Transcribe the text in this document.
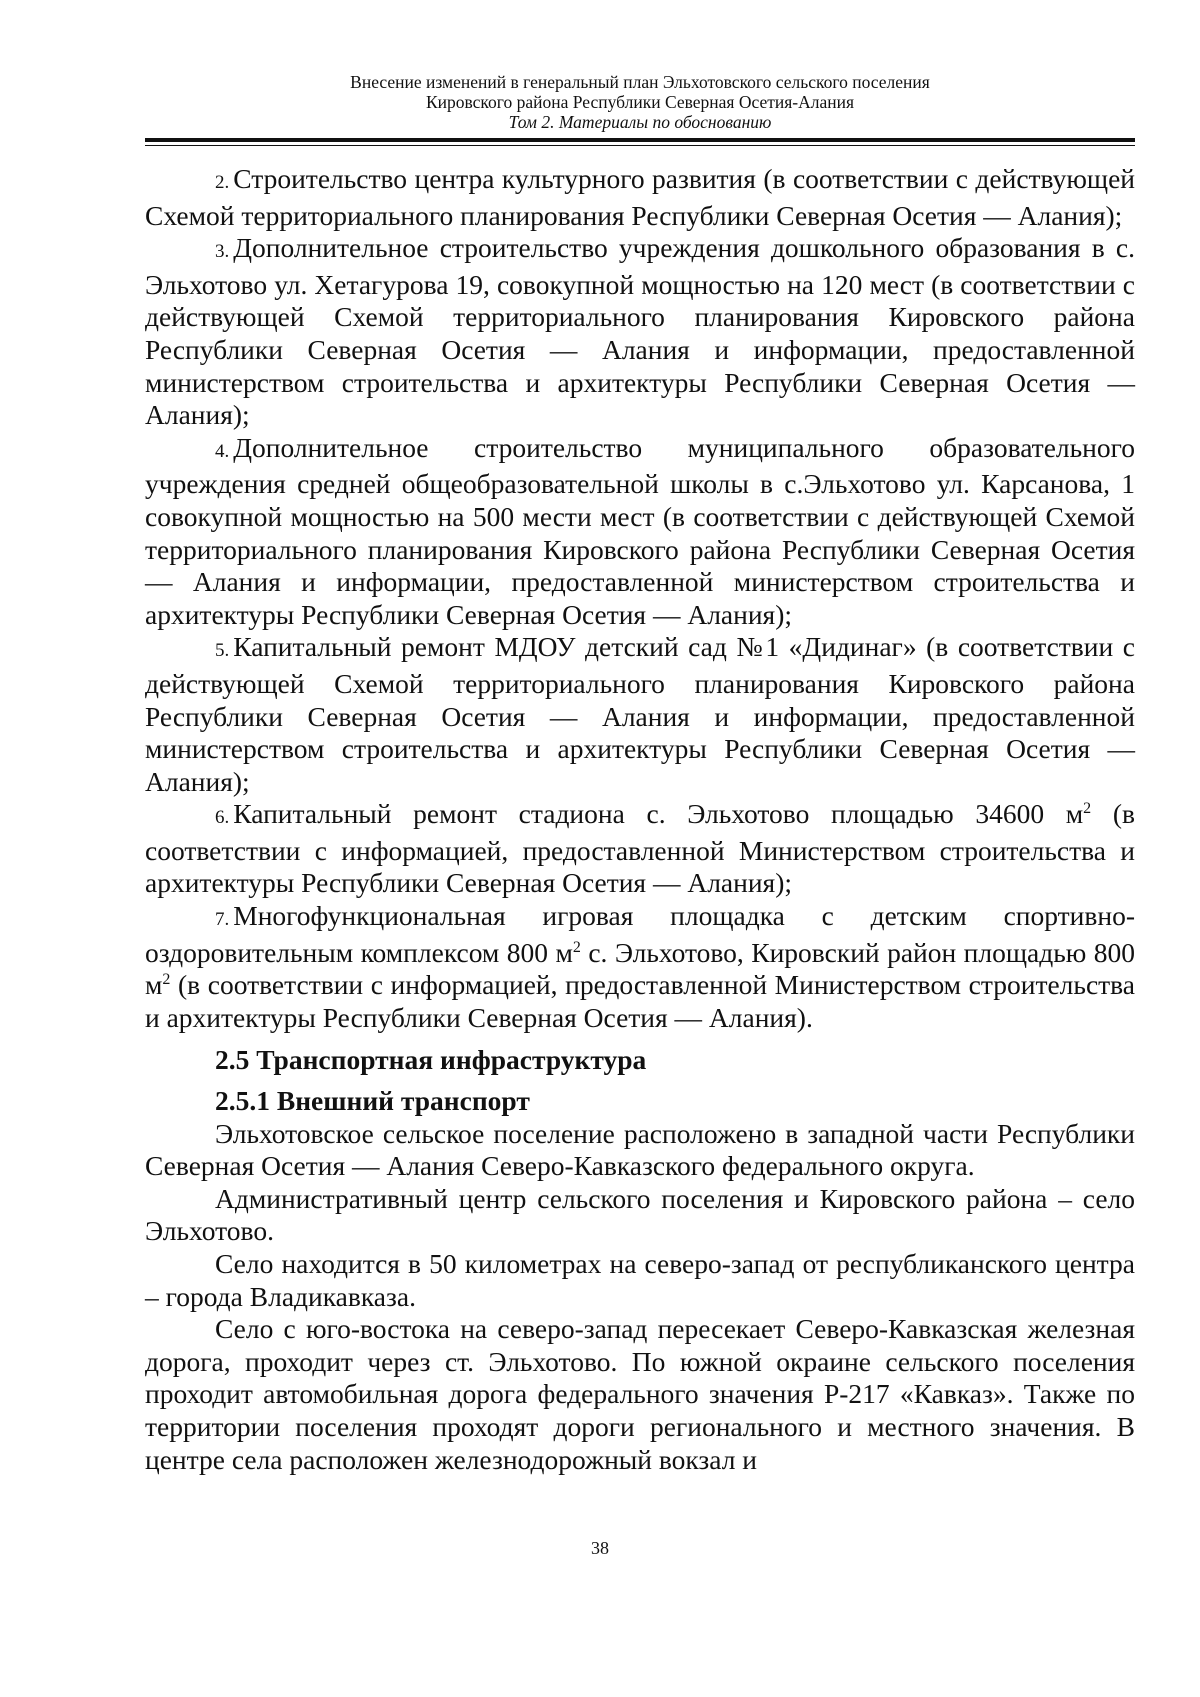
Внесение изменений в генеральный план Эльхотовского сельского поселения
Кировского района Республики Северная Осетия-Алания
Том 2. Материалы по обоснованию

2. Строительство центра культурного развития (в соответствии с действующей Схемой территориального планирования Республики Северная Осетия — Алания);

3. Дополнительное строительство учреждения дошкольного образования в с. Эльхотово ул. Хетагурова 19, совокупной мощностью на 120 мест (в соответствии с действующей Схемой территориального планирования Кировского района Республики Северная Осетия — Алания и информации, предоставленной министерством строительства и архитектуры Республики Северная Осетия — Алания);

4. Дополнительное строительство муниципального образовательного учреждения средней общеобразовательной школы в с.Эльхотово ул. Карсанова, 1 совокупной мощностью на 500 мести мест (в соответствии с действующей Схемой территориального планирования Кировского района Республики Северная Осетия — Алания и информации, предоставленной министерством строительства и архитектуры Республики Северная Осетия — Алания);

5. Капитальный ремонт МДОУ детский сад №1 «Дидинаг» (в соответствии с действующей Схемой территориального планирования Кировского района Республики Северная Осетия — Алания и информации, предоставленной министерством строительства и архитектуры Республики Северная Осетия — Алания);

6. Капитальный ремонт стадиона с. Эльхотово площадью 34600 $м^2$ (в соответствии с информацией, предоставленной Министерством строительства и архитектуры Республики Северная Осетия — Алания);

7. Многофункциональная игровая площадка с детским спортивно-оздоровительным комплексом 800 $м^2$ с. Эльхотово, Кировский район площадью 800 $м^2$ (в соответствии с информацией, предоставленной Министерством строительства и архитектуры Республики Северная Осетия — Алания).

2.5 Транспортная инфраструктура

2.5.1 Внешний транспорт

Эльхотовское сельское поселение расположено в западной части Республики Северная Осетия — Алания Северо-Кавказского федерального округа.

Административный центр сельского поселения и Кировского района – село Эльхотово.

Село находится в 50 километрах на северо-запад от республиканского центра – города Владикавказа.

Село с юго-востока на северо-запад пересекает Северо-Кавказская железная дорога, проходит через ст. Эльхотово. По южной окраине сельского поселения проходит автомобильная дорога федерального значения Р-217 «Кавказ». Также по территории поселения проходят дороги регионального и местного значения. В центре села расположен железнодорожный вокзал и

38
